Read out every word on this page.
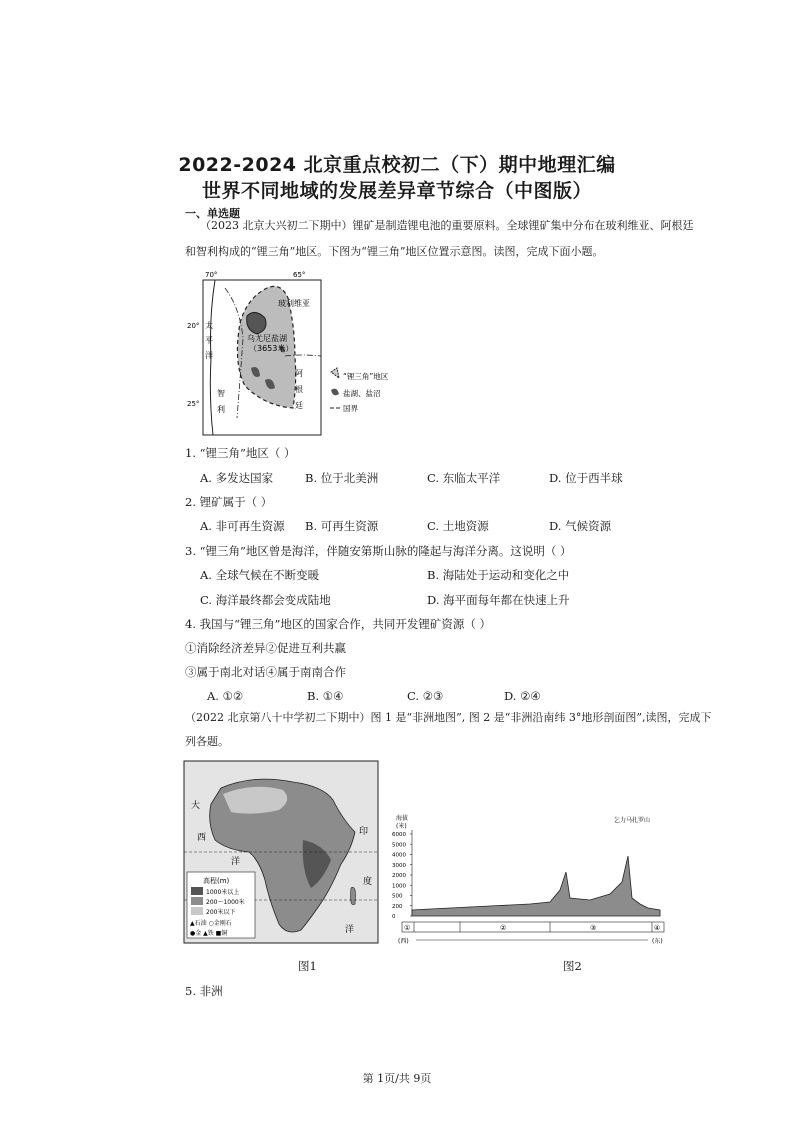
2022-2024 北京重点校初二（下）期中地理汇编
世界不同地域的发展差异章节综合（中图版）
一、单选题
（2023 北京大兴初二下期中）锂矿是制造锂电池的重要原料。全球锂矿集中分布在玻利维亚、阿根廷
和智利构成的“锂三角”地区。下图为“锂三角”地区位置示意图。读图，完成下面小题。
70°	65°
20°
25°
玻利维亚
乌尤尼盐湖
（3653米）
太
平
洋
阿
根
廷
智
利
“锂三角”地区
盐湖、盐沼
国界
1. “锂三角”地区（ ）
A. 多发达国家	B. 位于北美洲	C. 东临太平洋	D. 位于西半球
2. 锂矿属于（ ）
A. 非可再生资源 B. 可再生资源	C. 土地资源	D. 气候资源
3. “锂三角”地区曾是海洋，伴随安第斯山脉的隆起与海洋分离。这说明（ ）
A. 全球气候在不断变暖	B. 海陆处于运动和变化之中
C. 海洋最终都会变成陆地	D. 海平面每年都在快速上升
4. 我国与“锂三角”地区的国家合作，共同开发锂矿资源（ ）
①消除经济差异②促进互利共赢
③属于南北对话④属于南南合作
A. ①②	B. ①④	C. ②③	D. ②④
（2022 北京第八十中学初二下期中）图 1 是“非洲地图”, 图 2 是“非洲沿南纬 3°地形剖面图”,读图，完成下
列各题。
大
西
洋
印
度
洋
高程(m)
1000米以上
200～1000米
200米以下
▲石油 ○金刚石
●金 ▲铁 ■铜
图1
海拔
(米)
6000
5000
4000
3000
2000
1000
500
200
0
乞力马扎罗山
①	②	③	④
(西)	(东)
图2
5. 非洲
第 1页/共 9页
